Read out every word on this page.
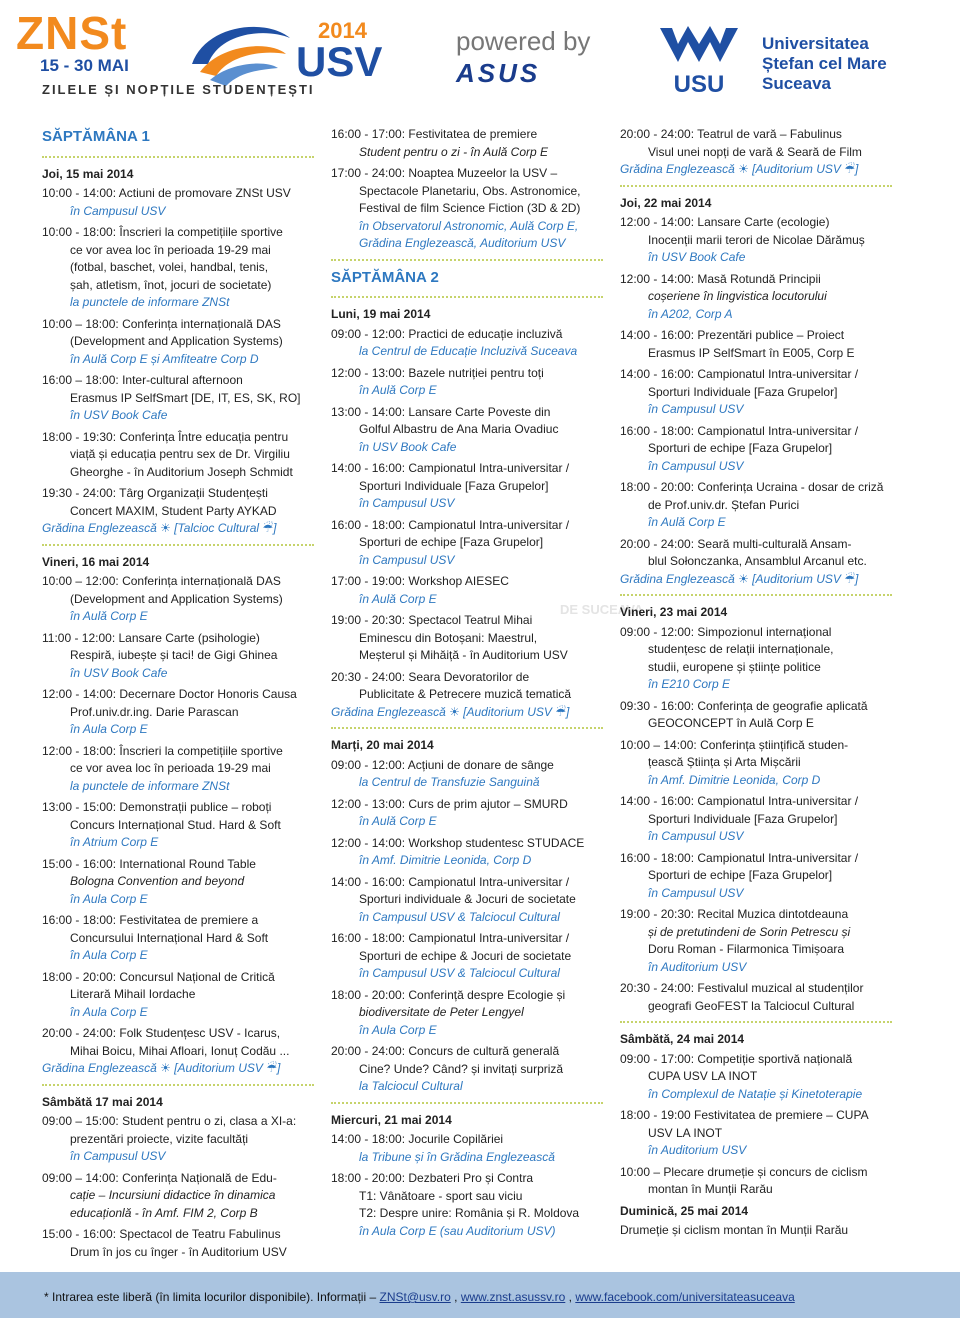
ZNSt	2014
USV
15 - 30 MAI
ZILELE ȘI NOPȚILE STUDENȚEȘTI
powered by
ASUS	USU
Universitatea
Ștefan cel Mare
Suceava
DE SUCEAVA
SĂPTĂMÂNA 1
Joi, 15 mai 2014
10:00 - 14:00: Actiuni de promovare ZNSt USV
în Campusul USV
10:00 - 18:00: Înscrieri la competițiile sportive
ce vor avea loc în perioada 19-29 mai
(fotbal, baschet, volei, handbal, tenis,
șah, atletism, înot, jocuri de societate)
la punctele de informare ZNSt
10:00 – 18:00: Conferința internațională DAS
(Development and Application Systems)
în Aulă Corp E și Amfiteatre Corp D
16:00 – 18:00: Inter-cultural afternoon
Erasmus IP SelfSmart [DE, IT, ES, SK, RO]
în USV Book Cafe
18:00 - 19:30: Conferința Între educația pentru
viață și educația pentru sex de Dr. Virgiliu
Gheorghe - în Auditorium Joseph Schmidt
19:30 - 24:00: Târg Organizații Studențești
Concert MAXIM, Student Party AYKAD
Grădina Englezească ☀ [Talcioc Cultural ☔]
Vineri, 16 mai 2014
10:00 – 12:00: Conferința internațională DAS
(Development and Application Systems)
în Aulă Corp E
11:00 - 12:00: Lansare Carte (psihologie)
Respiră, iubește și taci! de Gigi Ghinea
în USV Book Cafe
12:00 - 14:00: Decernare Doctor Honoris Causa
Prof.univ.dr.ing. Darie Parascan
în Aula Corp E
12:00 - 18:00: Înscrieri la competițiile sportive
ce vor avea loc în perioada 19-29 mai
la punctele de informare ZNSt
13:00 - 15:00: Demonstrații publice – roboți
Concurs Internațional Stud. Hard & Soft
în Atrium Corp E
15:00 - 16:00: International Round Table
Bologna Convention and beyond
în Aula Corp E
16:00 - 18:00: Festivitatea de premiere a
Concursului Internațional Hard & Soft
în Aula Corp E
18:00 - 20:00: Concursul Național de Critică
Literară Mihail Iordache
în Aula Corp E
20:00 - 24:00: Folk Studențesc USV - Icarus,
Mihai Boicu, Mihai Afloari, Ionuț Codău ...
Grădina Englezească ☀ [Auditorium USV ☔]
Sâmbătă 17 mai 2014
09:00 – 15:00: Student pentru o zi, clasa a XI-a:
prezentări proiecte, vizite facultăți
în Campusul USV
09:00 – 14:00: Conferința Națională de Edu-
cație – Incursiuni didactice în dinamica
educaționlă - în Amf. FIM 2, Corp B
15:00 - 16:00: Spectacol de Teatru Fabulinus
Drum în jos cu înger - în Auditorium USV
16:00 - 17:00: Festivitatea de premiere
Student pentru o zi - în Aulă Corp E
17:00 - 24:00: Noaptea Muzeelor la USV –
Spectacole Planetariu, Obs. Astronomice,
Festival de film Science Fiction (3D & 2D)
în Observatorul Astronomic, Aulă Corp E,
Grădina Englezească, Auditorium USV
SĂPTĂMÂNA 2
Luni, 19 mai 2014
09:00 - 12:00: Practici de educație incluzivă
la Centrul de Educație Incluzivă Suceava
12:00 - 13:00: Bazele nutriției pentru toți
în Aulă Corp E
13:00 - 14:00: Lansare Carte Poveste din
Golful Albastru de Ana Maria Ovadiuc
în USV Book Cafe
14:00 - 16:00: Campionatul Intra-universitar /
Sporturi Individuale [Faza Grupelor]
în Campusul USV
16:00 - 18:00: Campionatul Intra-universitar /
Sporturi de echipe [Faza Grupelor]
în Campusul USV
17:00 - 19:00: Workshop AIESEC
în Aulă Corp E
19:00 - 20:30: Spectacol Teatrul Mihai
Eminescu din Botoșani: Maestrul,
Meșterul și Mihăiță - în Auditorium USV
20:30 - 24:00: Seara Devoratorilor de
Publicitate & Petrecere muzică tematică
Grădina Englezească ☀ [Auditorium USV ☔]
Marți, 20 mai 2014
09:00 - 12:00: Acțiuni de donare de sânge
la Centrul de Transfuzie Sanguină
12:00 - 13:00: Curs de prim ajutor – SMURD
în Aulă Corp E
12:00 - 14:00: Workshop studentesc STUDACE
în Amf. Dimitrie Leonida, Corp D
14:00 - 16:00: Campionatul Intra-universitar /
Sporturi individuale & Jocuri de societate
în Campusul USV & Talciocul Cultural
16:00 - 18:00: Campionatul Intra-universitar /
Sporturi de echipe & Jocuri de societate
în Campusul USV & Talciocul Cultural
18:00 - 20:00: Conferință despre Ecologie și
biodiversitate de Peter Lengyel
în Aula Corp E
20:00 - 24:00: Concurs de cultură generală
Cine? Unde? Când? și invitați surpriză
la Talciocul Cultural
Miercuri, 21 mai 2014
14:00 - 18:00: Jocurile Copilăriei
la Tribune și în Grădina Englezească
18:00 - 20:00: Dezbateri Pro și Contra
T1: Vânătoare - sport sau viciu
T2: Despre unire: România și R. Moldova
în Aula Corp E (sau Auditorium USV)
20:00 - 24:00: Teatrul de vară – Fabulinus
Visul unei nopți de vară & Seară de Film
Grădina Englezească ☀ [Auditorium USV ☔]
Joi, 22 mai 2014
12:00 - 14:00: Lansare Carte (ecologie)
Inocenții marii terori de Nicolae Dărămuș
în USV Book Cafe
12:00 - 14:00: Masă Rotundă Principii
coșeriene în lingvistica locutorului
în A202, Corp A
14:00 - 16:00: Prezentări publice – Proiect
Erasmus IP SelfSmart în E005, Corp E
14:00 - 16:00: Campionatul Intra-universitar /
Sporturi Individuale [Faza Grupelor]
în Campusul USV
16:00 - 18:00: Campionatul Intra-universitar /
Sporturi de echipe [Faza Grupelor]
în Campusul USV
18:00 - 20:00: Conferința Ucraina - dosar de criză
de Prof.univ.dr. Ștefan Purici
în Aulă Corp E
20:00 - 24:00: Seară multi-culturală Ansam-
blul Sołonczanka, Ansamblul Arcanul etc.
Grădina Englezească ☀ [Auditorium USV ☔]
Vineri, 23 mai 2014
09:00 - 12:00: Simpozionul internațional
studențesc de relații internaționale,
studii, europene și științe politice
în E210 Corp E
09:30 - 16:00: Conferința de geografie aplicată
GEOCONCEPT în Aulă Corp E
10:00 – 14:00: Conferința științifică studen-
țească Știința și Arta Mișcării
în Amf. Dimitrie Leonida, Corp D
14:00 - 16:00: Campionatul Intra-universitar /
Sporturi Individuale [Faza Grupelor]
în Campusul USV
16:00 - 18:00: Campionatul Intra-universitar /
Sporturi de echipe [Faza Grupelor]
în Campusul USV
19:00 - 20:30: Recital Muzica dintotdeauna
și de pretutindeni de Sorin Petrescu și
Doru Roman - Filarmonica Timișoara
în Auditorium USV
20:30 - 24:00: Festivalul muzical al studenților
geografi GeoFEST la Talciocul Cultural
Sâmbătă, 24 mai 2014
09:00 - 17:00: Competiție sportivă națională
CUPA USV LA INOT
în Complexul de Natație și Kinetoterapie
18:00 - 19:00 Festivitatea de premiere – CUPA
USV LA INOT
în Auditorium USV
10:00 – Plecare drumeție și concurs de ciclism
montan în Munții Rarău
Duminică, 25 mai 2014
Drumeție și ciclism montan în Munții Rarău
* Intrarea este liberă (în limita locurilor disponibile). Informații – ZNSt@usv.ro , www.znst.asussv.ro , www.facebook.com/universitateasuceava
